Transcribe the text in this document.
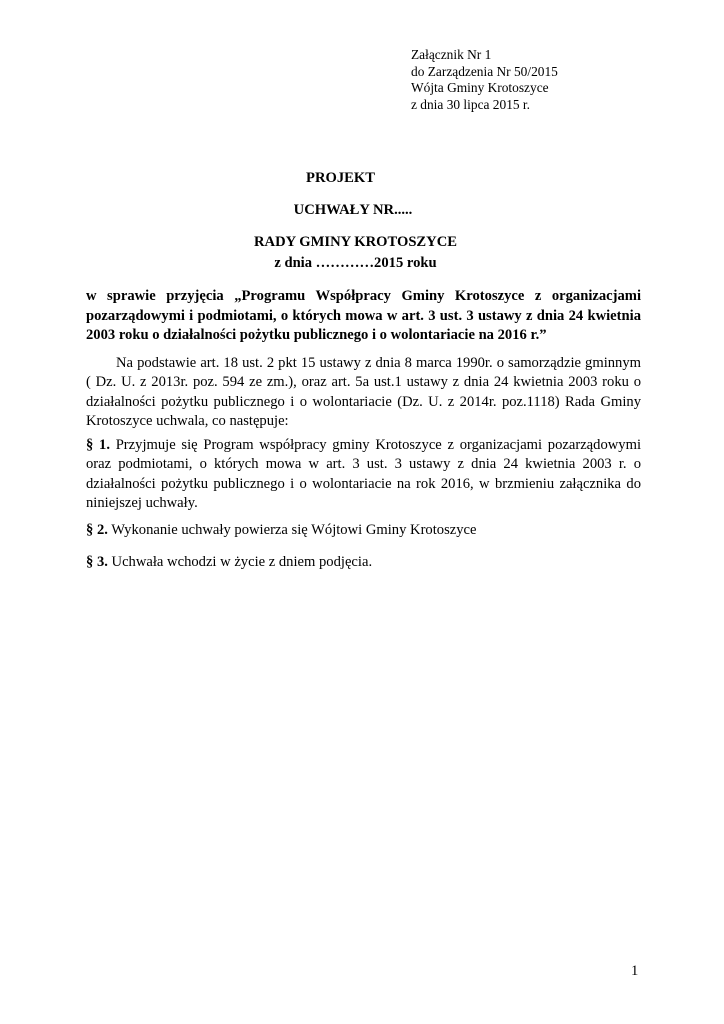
Załącznik Nr 1
do Zarządzenia Nr 50/2015
Wójta Gminy Krotoszyce
z dnia 30 lipca 2015 r.
PROJEKT
UCHWAŁY NR.....
RADY GMINY KROTOSZYCE
z dnia …………2015 roku
w sprawie przyjęcia „Programu Współpracy Gminy Krotoszyce z organizacjami pozarządowymi i podmiotami, o których mowa w art. 3 ust. 3 ustawy z dnia 24 kwietnia 2003 roku o działalności pożytku publicznego i o wolontariacie na 2016 r.”
Na podstawie art. 18 ust. 2 pkt 15 ustawy z dnia 8 marca 1990r. o samorządzie gminnym ( Dz. U. z 2013r. poz. 594 ze zm.), oraz art. 5a ust.1 ustawy z dnia 24 kwietnia 2003 roku o działalności pożytku publicznego i o wolontariacie (Dz. U. z 2014r. poz.1118) Rada Gminy Krotoszyce uchwala, co następuje:
§ 1. Przyjmuje się Program współpracy gminy Krotoszyce z organizacjami pozarządowymi oraz podmiotami, o których mowa w art. 3 ust. 3 ustawy z dnia 24 kwietnia 2003 r. o działalności pożytku publicznego i o wolontariacie na rok 2016, w brzmieniu załącznika do niniejszej uchwały.
§ 2. Wykonanie uchwały powierza się Wójtowi Gminy Krotoszyce
§ 3. Uchwała wchodzi w życie z dniem podjęcia.
1
